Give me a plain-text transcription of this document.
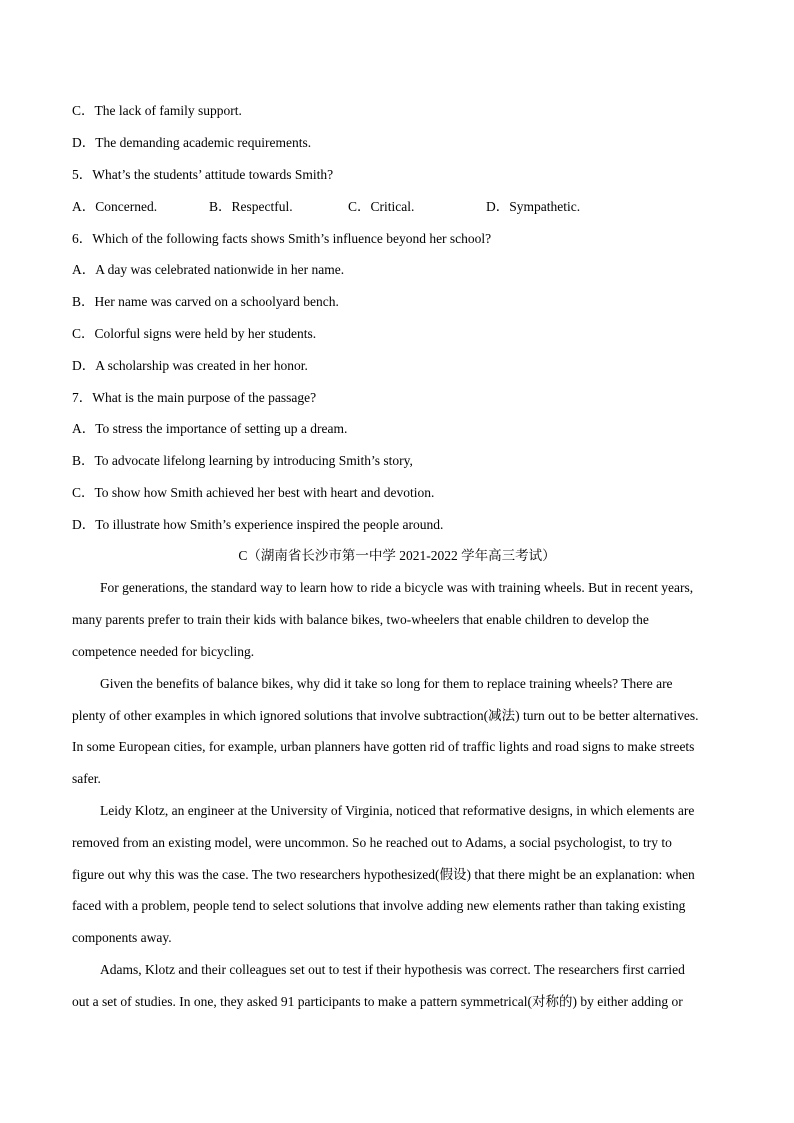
C．The lack of family support.
D．The demanding academic requirements.
5．What’s the students’ attitude towards Smith?
A．Concerned.	B．Respectful.	C．Critical.	D．Sympathetic.
6．Which of the following facts shows Smith’s influence beyond her school?
A．A day was celebrated nationwide in her name.
B．Her name was carved on a schoolyard bench.
C．Colorful signs were held by her students.
D．A scholarship was created in her honor.
7．What is the main purpose of the passage?
A．To stress the importance of setting up a dream.
B．To advocate lifelong learning by introducing Smith’s story,
C．To show how Smith achieved her best with heart and devotion.
D．To illustrate how Smith’s experience inspired the people around.
C（湖南省长沙市第一中学 2021-2022 学年高三考试）
For generations, the standard way to learn how to ride a bicycle was with training wheels. But in recent years,
many parents prefer to train their kids with balance bikes, two-wheelers that enable children to develop the
competence needed for bicycling.
Given the benefits of balance bikes, why did it take so long for them to replace training wheels? There are
plenty of other examples in which ignored solutions that involve subtraction(减法) turn out to be better alternatives.
In some European cities, for example, urban planners have gotten rid of traffic lights and road signs to make streets
safer.
Leidy Klotz, an engineer at the University of Virginia, noticed that reformative designs, in which elements are
removed from an existing model, were uncommon. So he reached out to Adams, a social psychologist, to try to
figure out why this was the case. The two researchers hypothesized(假设) that there might be an explanation: when
faced with a problem, people tend to select solutions that involve adding new elements rather than taking existing
components away.
Adams, Klotz and their colleagues set out to test if their hypothesis was correct. The researchers first carried
out a set of studies. In one, they asked 91 participants to make a pattern symmetrical(对称的) by either adding or
